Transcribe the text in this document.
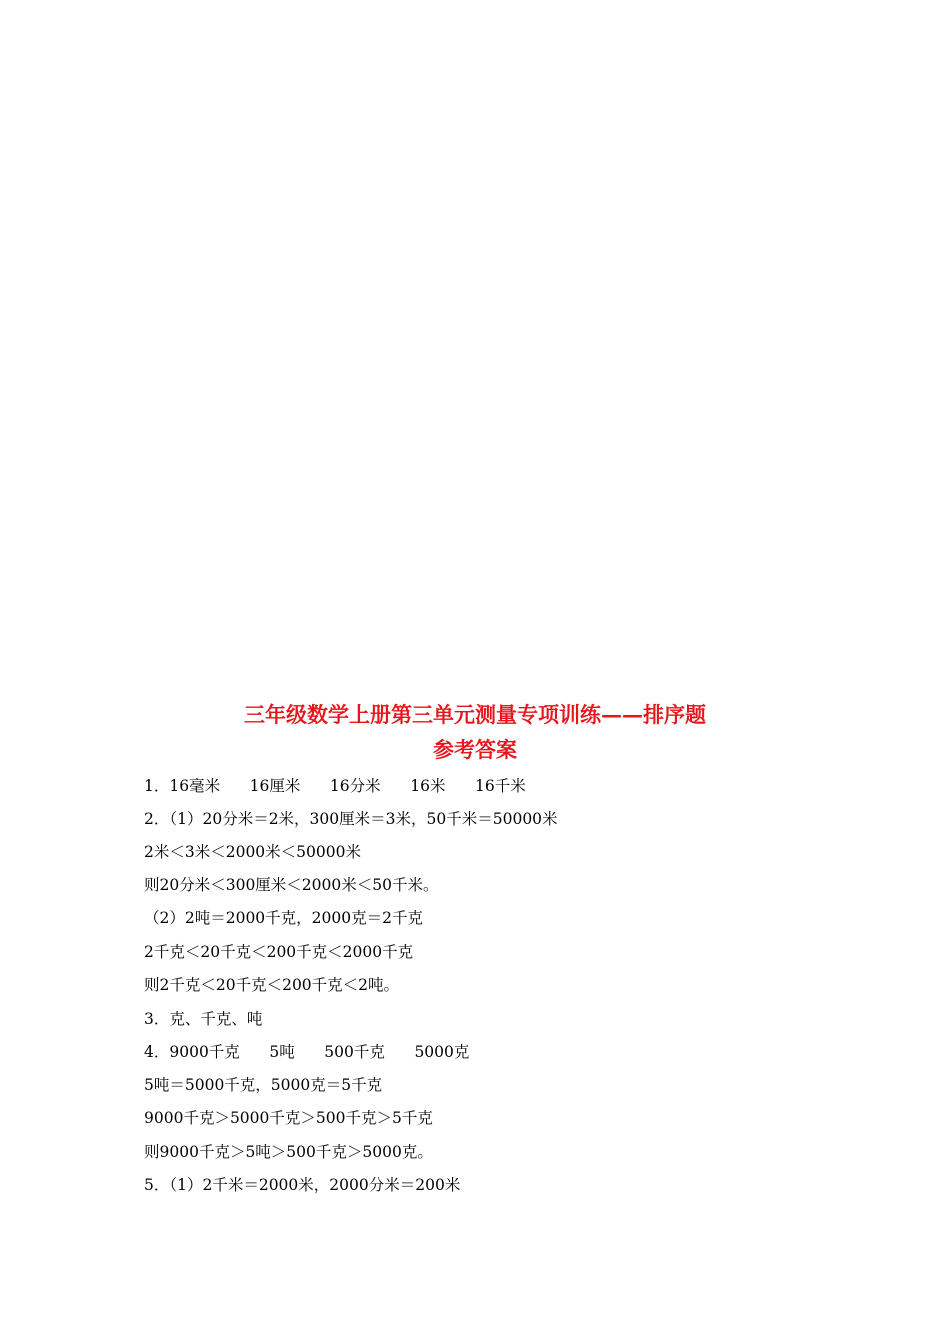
三年级数学上册第三单元测量专项训练——排序题
参考答案
1．16毫米      16厘米      16分米      16米      16千米
2．（1）20分米＝2米，300厘米＝3米，50千米＝50000米
2米＜3米＜2000米＜50000米
则20分米＜300厘米＜2000米＜50千米。
（2）2吨＝2000千克，2000克＝2千克
2千克＜20千克＜200千克＜2000千克
则2千克＜20千克＜200千克＜2吨。
3．克、千克、吨
4．9000千克      5吨      500千克      5000克
5吨＝5000千克，5000克＝5千克
9000千克＞5000千克＞500千克＞5千克
则9000千克＞5吨＞500千克＞5000克。
5．（1）2千米＝2000米，2000分米＝200米
